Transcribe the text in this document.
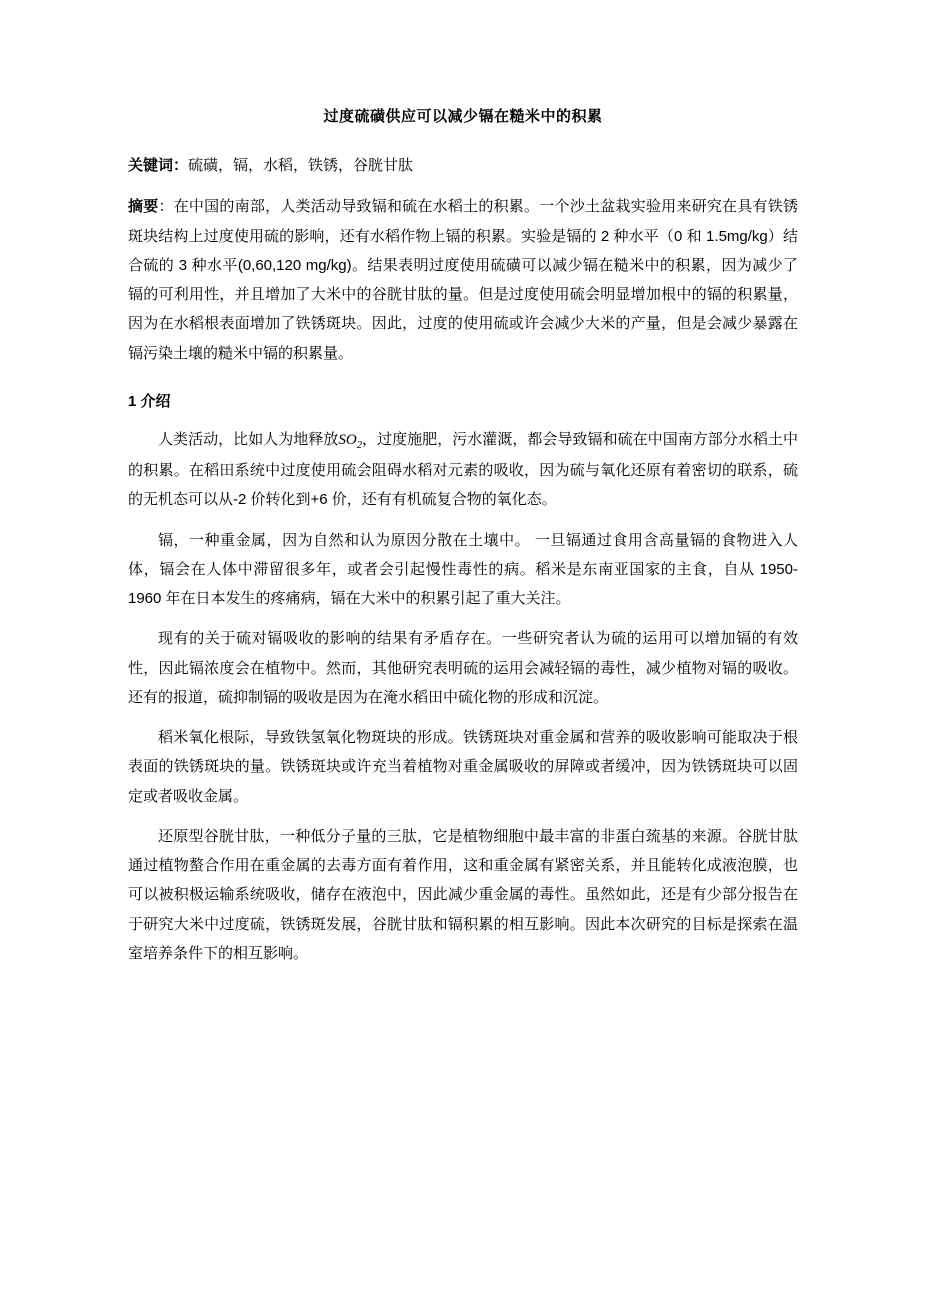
过度硫磺供应可以减少镉在糙米中的积累

关键词：硫磺，镉，水稻，铁锈，谷胱甘肽

摘要：在中国的南部，人类活动导致镉和硫在水稻土的积累。一个沙土盆栽实验用来研究在具有铁锈斑块结构上过度使用硫的影响，还有水稻作物上镉的积累。实验是镉的 2 种水平（0 和 1.5mg/kg）结合硫的 3 种水平(0,60,120 mg/kg)。结果表明过度使用硫磺可以减少镉在糙米中的积累，因为减少了镉的可利用性，并且增加了大米中的谷胱甘肽的量。但是过度使用硫会明显增加根中的镉的积累量，因为在水稻根表面增加了铁锈斑块。因此，过度的使用硫或许会减少大米的产量，但是会减少暴露在镉污染土壤的糙米中镉的积累量。

1 介绍

人类活动，比如人为地释放$SO_2$，过度施肥，污水灌溉，都会导致镉和硫在中国南方部分水稻土中的积累。在稻田系统中过度使用硫会阻碍水稻对元素的吸收，因为硫与氧化还原有着密切的联系，硫的无机态可以从-2 价转化到+6 价，还有有机硫复合物的氧化态。

镉，一种重金属，因为自然和认为原因分散在土壤中。 一旦镉通过食用含高量镉的食物进入人体，镉会在人体中滞留很多年，或者会引起慢性毒性的病。稻米是东南亚国家的主食，自从 1950-1960 年在日本发生的疼痛病，镉在大米中的积累引起了重大关注。

现有的关于硫对镉吸收的影响的结果有矛盾存在。一些研究者认为硫的运用可以增加镉的有效性，因此镉浓度会在植物中。然而，其他研究表明硫的运用会减轻镉的毒性，减少植物对镉的吸收。还有的报道，硫抑制镉的吸收是因为在淹水稻田中硫化物的形成和沉淀。

稻米氧化根际，导致铁氢氧化物斑块的形成。铁锈斑块对重金属和营养的吸收影响可能取决于根表面的铁锈斑块的量。铁锈斑块或许充当着植物对重金属吸收的屏障或者缓冲，因为铁锈斑块可以固定或者吸收金属。

还原型谷胱甘肽，一种低分子量的三肽，它是植物细胞中最丰富的非蛋白巯基的来源。谷胱甘肽通过植物螯合作用在重金属的去毒方面有着作用，这和重金属有紧密关系，并且能转化成液泡膜，也可以被积极运输系统吸收，储存在液泡中，因此减少重金属的毒性。虽然如此，还是有少部分报告在于研究大米中过度硫，铁锈斑发展，谷胱甘肽和镉积累的相互影响。因此本次研究的目标是探索在温室培养条件下的相互影响。
